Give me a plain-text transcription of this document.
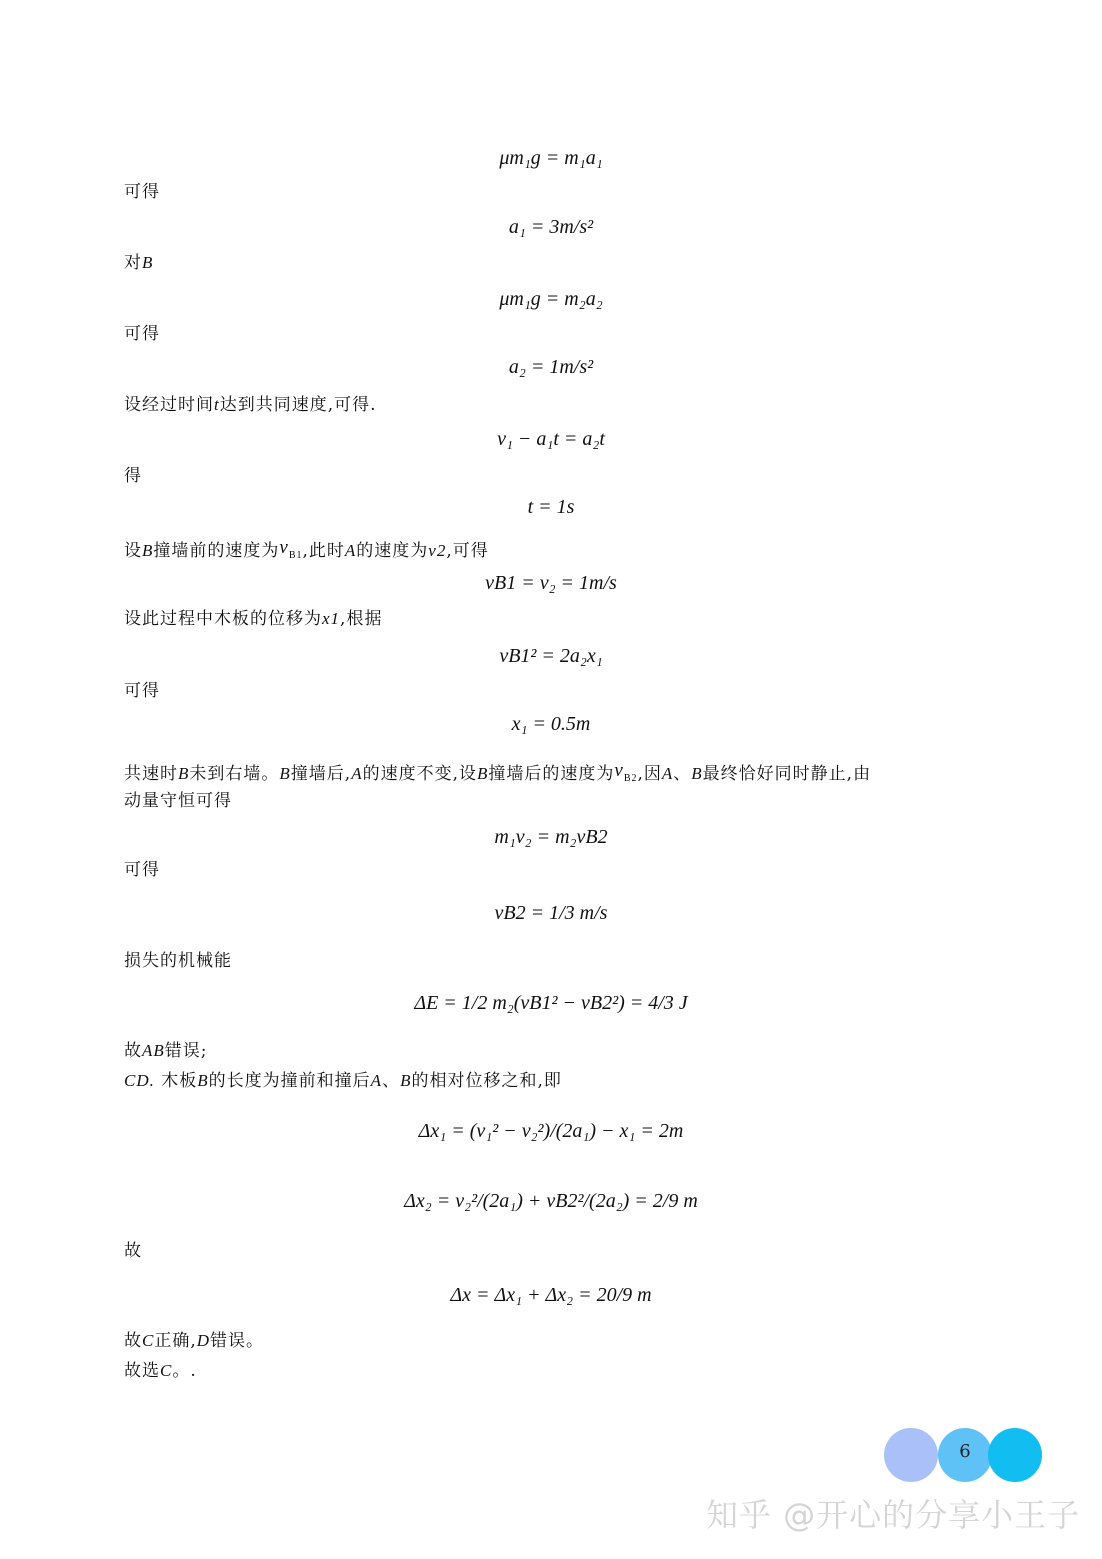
可得
对B
可得
设经过时间t达到共同速度,可得.
得
设B撞墙前的速度为$v_{B1}$,此时A的速度为v2,可得
设此过程中木板的位移为x1,根据
可得
共速时B未到右墙。B撞墙后,A的速度不变,设B撞墙后的速度为$v_{B2}$,因A、B最终恰好同时静止,由
动量守恒可得
可得
损失的机械能
故AB错误;
CD. 木板B的长度为撞前和撞后A、B的相对位移之和,即
故
故C正确,D错误。
故选C。.
μm₁g = m₁a₁
a₁ = 3m/s²
μm₁g = m₂a₂
a₂ = 1m/s²
v₁ − a₁t = a₂t
t = 1s
vB1 = v₂ = 1m/s
vB1² = 2a₂x₁
x₁ = 0.5m
m₁v₂ = m₂vB2
vB2 = 1/3 m/s
ΔE = 1/2 m₂(vB1² − vB2²) = 4/3 J
Δx₁ = (v₁² − v₂²)/(2a₁) − x₁ = 2m
Δx₂ = v₂²/(2a₁) + vB2²/(2a₂) = 2/9 m
Δx = Δx₁ + Δx₂ = 20/9 m
6
知乎 @开心的分享小王子
